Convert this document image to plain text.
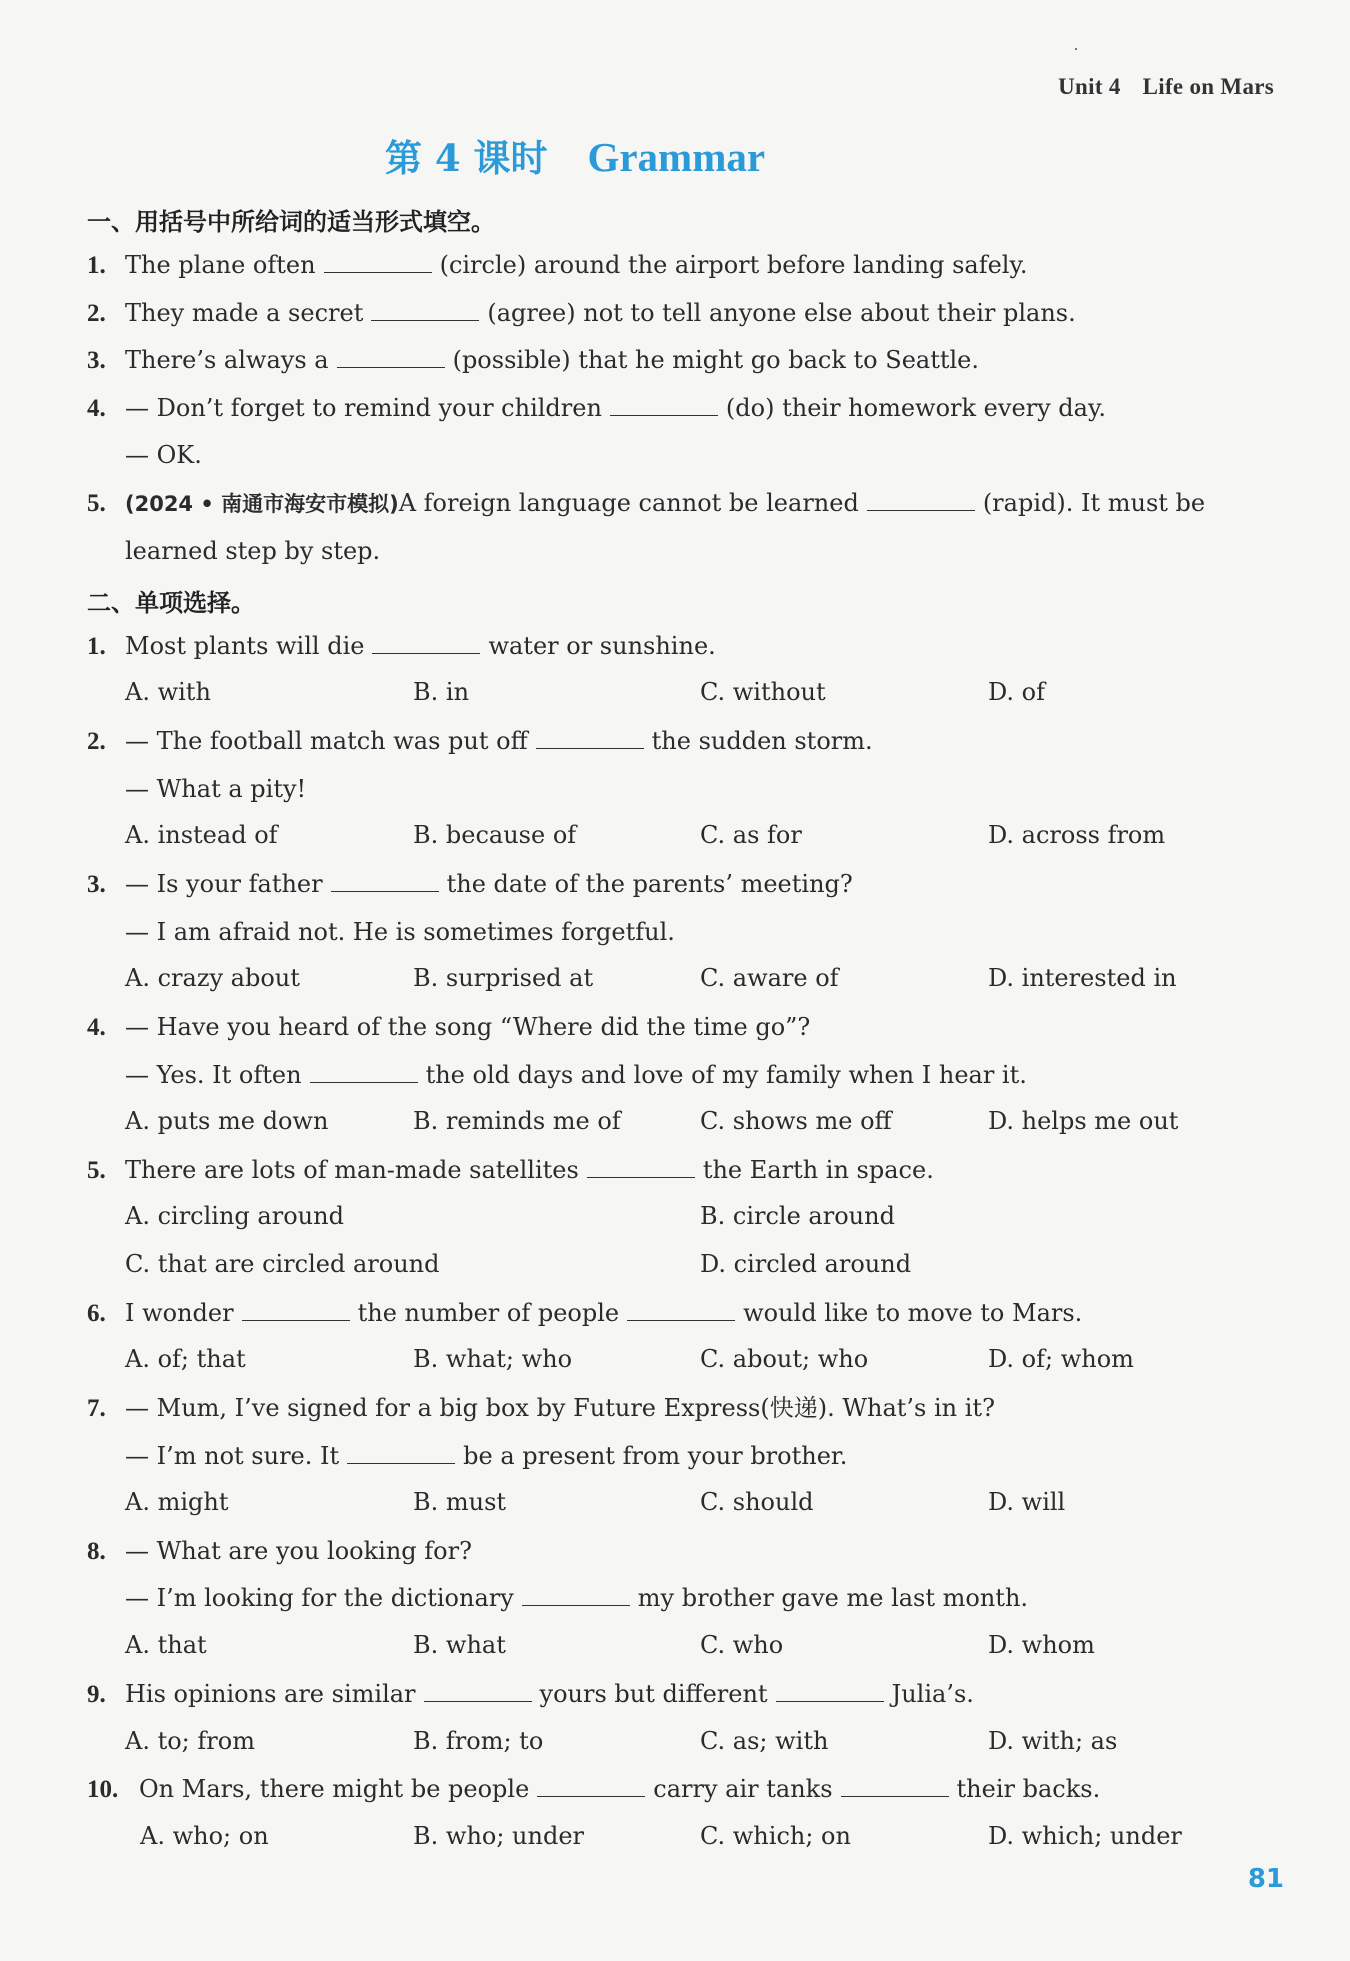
Unit 4 Life on Mars
第 4 课时 Grammar
一、用括号中所给词的适当形式填空。
1. The plane often	(circle) around the airport before landing safely.
2. They made a secret	(agree) not to tell anyone else about their plans.
3. There’s always a	(possible) that he might go back to Seattle.
4. — Don’t forget to remind your children	(do) their homework every day.
— OK.
5. (2024 • 南通市海安市模拟)A foreign language cannot be learned	(rapid). It must be
learned step by step.
二、单项选择。
1. Most plants will die	water or sunshine.
A. with	B. in	C. without	D. of
2. — The football match was put off	the sudden storm.
— What a pity!
A. instead of	B. because of	C. as for	D. across from
3. — Is your father	the date of the parents’ meeting?
— I am afraid not. He is sometimes forgetful.
A. crazy about	B. surprised at	C. aware of	D. interested in
4. — Have you heard of the song “Where did the time go”?
— Yes. It often	the old days and love of my family when I hear it.
A. puts me down	B. reminds me of	C. shows me off	D. helps me out
5. There are lots of man-made satellites	the Earth in space.
A. circling around	B. circle around
C. that are circled around	D. circled around
6. I wonder	the number of people	would like to move to Mars.
A. of; that	B. what; who	C. about; who	D. of; whom
7. — Mum, I’ve signed for a big box by Future Express(快递). What’s in it?
— I’m not sure. It	be a present from your brother.
A. might	B. must	C. should	D. will
8. — What are you looking for?
— I’m looking for the dictionary	my brother gave me last month.
A. that	B. what	C. who	D. whom
9. His opinions are similar	yours but different	Julia’s.
A. to; from	B. from; to	C. as; with	D. with; as
10. On Mars, there might be people	carry air tanks	their backs.
A. who; on	B. who; under	C. which; on	D. which; under
81
